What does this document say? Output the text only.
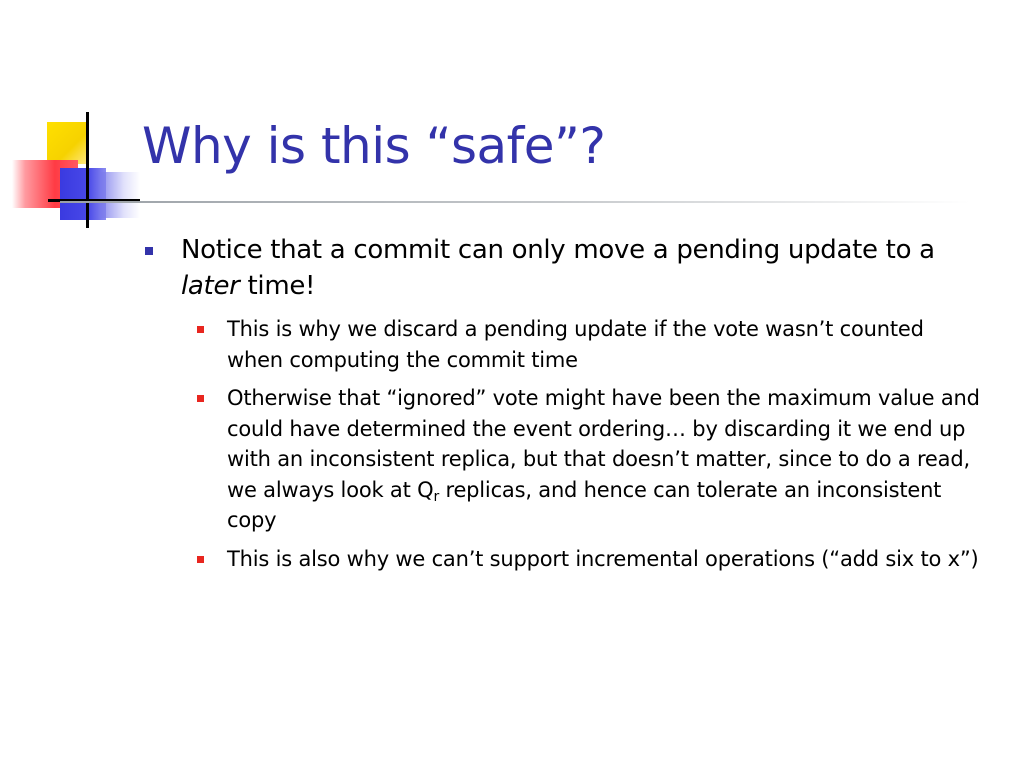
Why is this “safe”?
Notice that a commit can only move a pending update to a later time!
This is why we discard a pending update if the vote wasn’t counted when computing the commit time
Otherwise that “ignored” vote might have been the maximum value and could have determined the event ordering… by discarding it we end up with an inconsistent replica, but that doesn’t matter, since to do a read, we always look at $Q_r$ replicas, and hence can tolerate an inconsistent copy
This is also why we can’t support incremental operations (“add six to x”)
